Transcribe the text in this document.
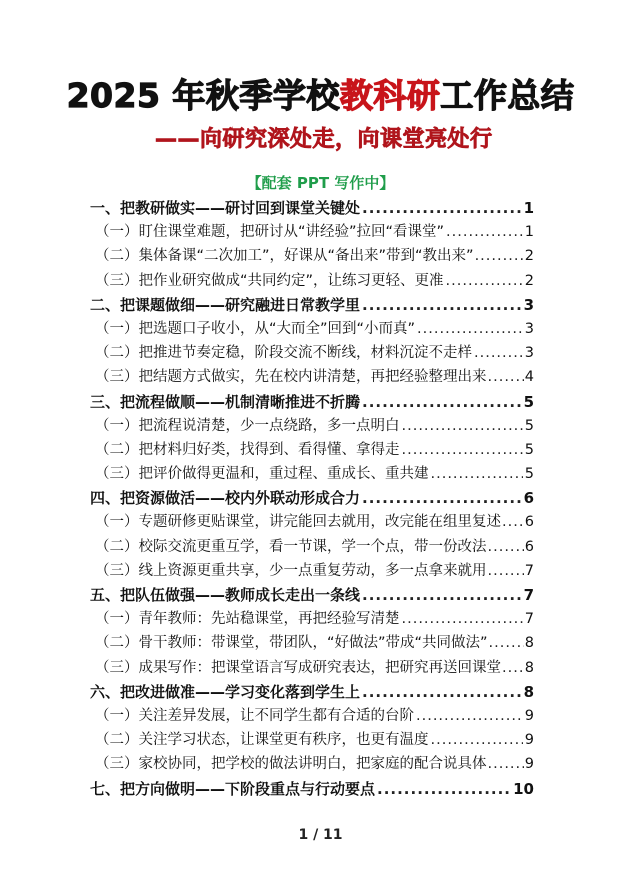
2025 年秋季学校教科研工作总结
——向研究深处走，向课堂亮处行
【配套 PPT 写作中】
一、把教研做实——研讨回到课堂关键处 .....	1
（一）盯住课堂难题，把研讨从“讲经验”拉回“看课堂” .....	1
（二）集体备课“二次加工”，好课从“备出来”带到“教出来” .....	2
（三）把作业研究做成“共同约定”，让练习更轻、更准 .....	2
二、把课题做细——研究融进日常教学里 .....	3
（一）把选题口子收小，从“大而全”回到“小而真” .....	3
（二）把推进节奏定稳，阶段交流不断线，材料沉淀不走样 .....	3
（三）把结题方式做实，先在校内讲清楚，再把经验整理出来 .....	4
三、把流程做顺——机制清晰推进不折腾 .....	5
（一）把流程说清楚，少一点绕路，多一点明白 .....	5
（二）把材料归好类，找得到、看得懂、拿得走 .....	5
（三）把评价做得更温和，重过程、重成长、重共建 .....	5
四、把资源做活——校内外联动形成合力 .....	6
（一）专题研修更贴课堂，讲完能回去就用，改完能在组里复述 ..... 6
（二）校际交流更重互学，看一节课，学一个点，带一份改法 .....	6
（三）线上资源更重共享，少一点重复劳动，多一点拿来就用 .....	7
五、把队伍做强——教师成长走出一条线 .....	7
（一）青年教师：先站稳课堂，再把经验写清楚 .....	7
（二）骨干教师：带课堂，带团队，“好做法”带成“共同做法” .....	8
（三）成果写作：把课堂语言写成研究表达，把研究再送回课堂 ..... 8
六、把改进做准——学习变化落到学生上 .....	8
（一）关注差异发展，让不同学生都有合适的台阶 .....	9
（二）关注学习状态，让课堂更有秩序，也更有温度 .....	9
（三）家校协同，把学校的做法讲明白，把家庭的配合说具体 .....	9
七、把方向做明——下阶段重点与行动要点 .....	10
1 / 11
